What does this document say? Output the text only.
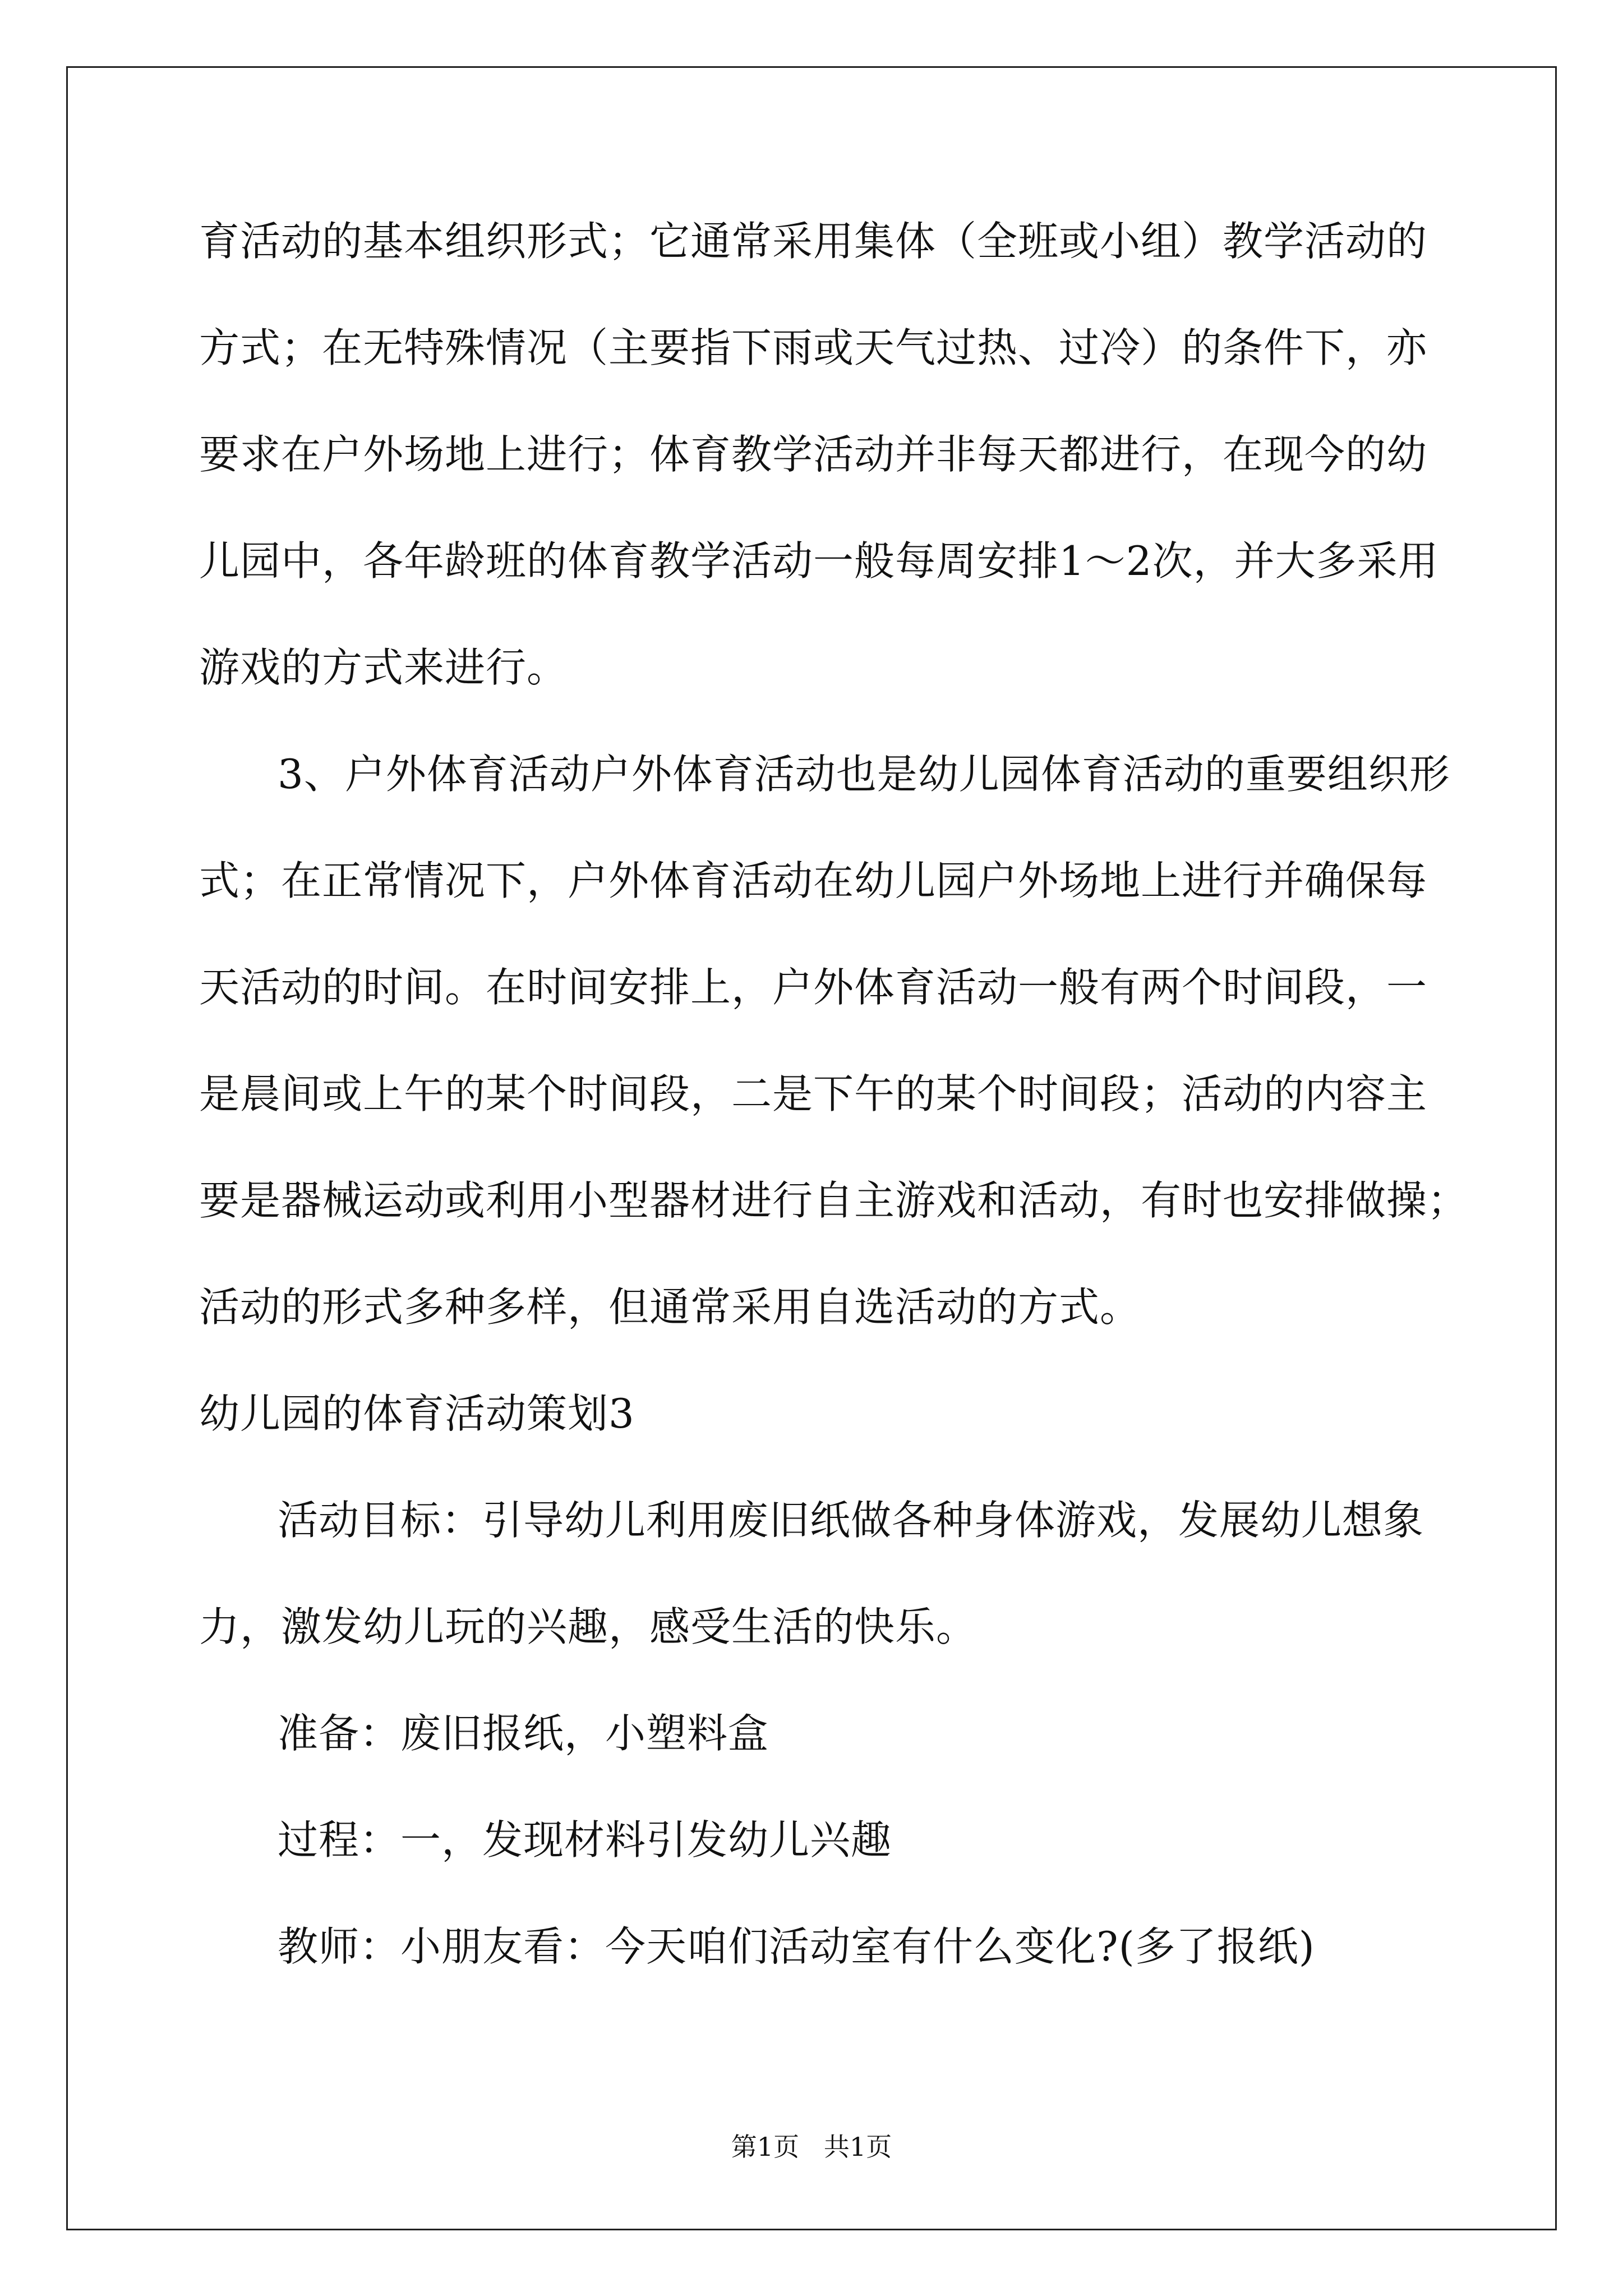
育活动的基本组织形式；它通常采用集体（全班或小组）教学活动的
方式；在无特殊情况（主要指下雨或天气过热、过冷）的条件下，亦
要求在户外场地上进行；体育教学活动并非每天都进行，在现今的幼
儿园中，各年龄班的体育教学活动一般每周安排1～2次，并大多采用
游戏的方式来进行。
3、户外体育活动户外体育活动也是幼儿园体育活动的重要组织形
式；在正常情况下，户外体育活动在幼儿园户外场地上进行并确保每
天活动的时间。在时间安排上，户外体育活动一般有两个时间段，一
是晨间或上午的某个时间段，二是下午的某个时间段；活动的内容主
要是器械运动或利用小型器材进行自主游戏和活动，有时也安排做操；
活动的形式多种多样，但通常采用自选活动的方式。
幼儿园的体育活动策划3
活动目标：引导幼儿利用废旧纸做各种身体游戏，发展幼儿想象
力，激发幼儿玩的兴趣，感受生活的快乐。
准备：废旧报纸，小塑料盒
过程：一，发现材料引发幼儿兴趣
教师：小朋友看：今天咱们活动室有什么变化?(多了报纸)
第1页   共1页
